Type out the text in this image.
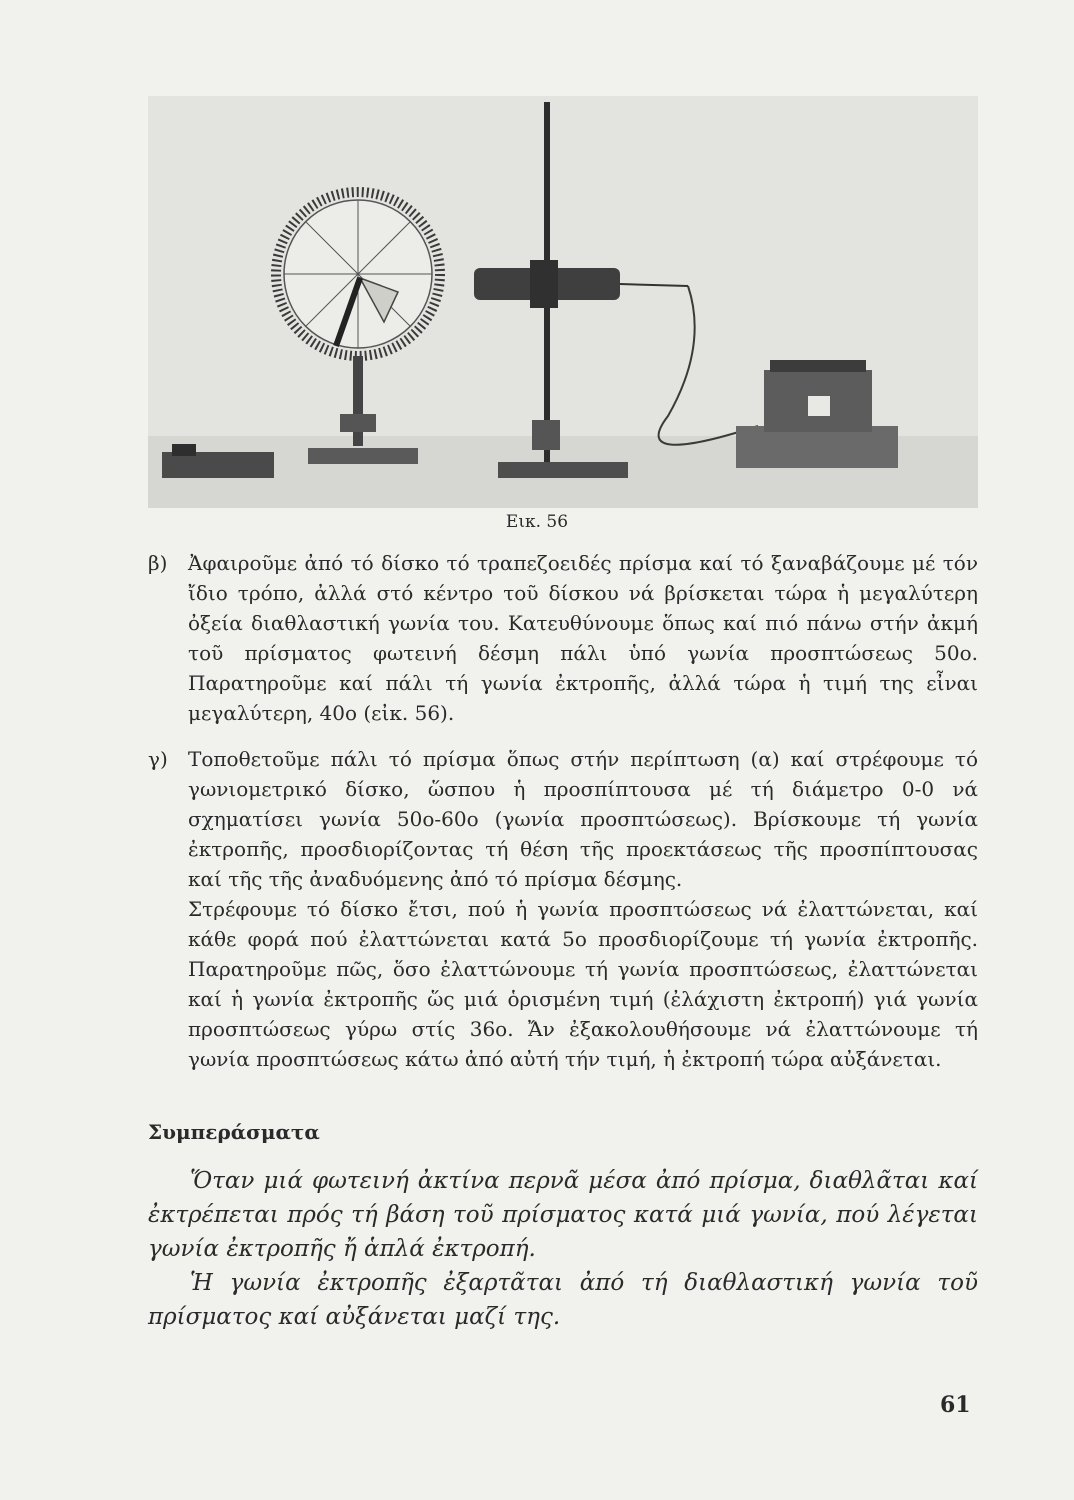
Εικ. 56
β) Ἀφαιροῦμε ἀπό τό δίσκο τό τραπεζοειδές πρίσμα καί τό ξαναβάζουμε μέ τόν ἴδιο τρόπο, ἀλλά στό κέντρο τοῦ δίσκου νά βρίσκεται τώρα ἡ μεγαλύτερη ὀξεία διαθλαστική γωνία του. Κατευθύνουμε ὅπως καί πιό πάνω στήν ἀκμή τοῦ πρίσματος φωτεινή δέσμη πάλι ὑπό γωνία προσπτώσεως 50ο. Παρατηροῦμε καί πάλι τή γωνία ἐκτροπῆς, ἀλλά τώρα ἡ τιμή της εἶναι μεγαλύτερη, 40ο (εἰκ. 56).

γ) Τοποθετοῦμε πάλι τό πρίσμα ὅπως στήν περίπτωση (α) καί στρέφουμε τό γωνιομετρικό δίσκο, ὥσπου ἡ προσπίπτουσα μέ τή διάμετρο 0-0 νά σχηματίσει γωνία 50ο-60ο (γωνία προσπτώσεως). Βρίσκουμε τή γωνία ἐκτροπῆς, προσδιορίζοντας τή θέση τῆς προεκτάσεως τῆς προσπίπτουσας καί τῆς τῆς ἀναδυόμενης ἀπό τό πρίσμα δέσμης.

Στρέφουμε τό δίσκο ἔτσι, πού ἡ γωνία προσπτώσεως νά ἐλαττώνεται, καί κάθε φορά πού ἐλαττώνεται κατά 5ο προσδιορίζουμε τή γωνία ἐκτροπῆς. Παρατηροῦμε πῶς, ὅσο ἐλαττώνουμε τή γωνία προσπτώσεως, ἐλαττώνεται καί ἡ γωνία ἐκτροπῆς ὥς μιά ὁρισμένη τιμή (ἐλάχιστη ἐκτροπή) γιά γωνία προσπτώσεως γύρω στίς 36ο. Ἄν ἐξακολουθήσουμε νά ἐλαττώνουμε τή γωνία προσπτώσεως κάτω ἀπό αὐτή τήν τιμή, ἡ ἐκτροπή τώρα αὐξάνεται.

Συμπεράσματα

Ὅταν μιά φωτεινή ἀκτίνα περνᾶ μέσα ἀπό πρίσμα, διαθλᾶται καί ἐκτρέπεται πρός τή βάση τοῦ πρίσματος κατά μιά γωνία, πού λέγεται γωνία ἐκτροπῆς ἤ ἁπλά ἐκτροπή.

Ἡ γωνία ἐκτροπῆς ἐξαρτᾶται ἀπό τή διαθλαστική γωνία τοῦ πρίσματος καί αὐξάνεται μαζί της.

61
